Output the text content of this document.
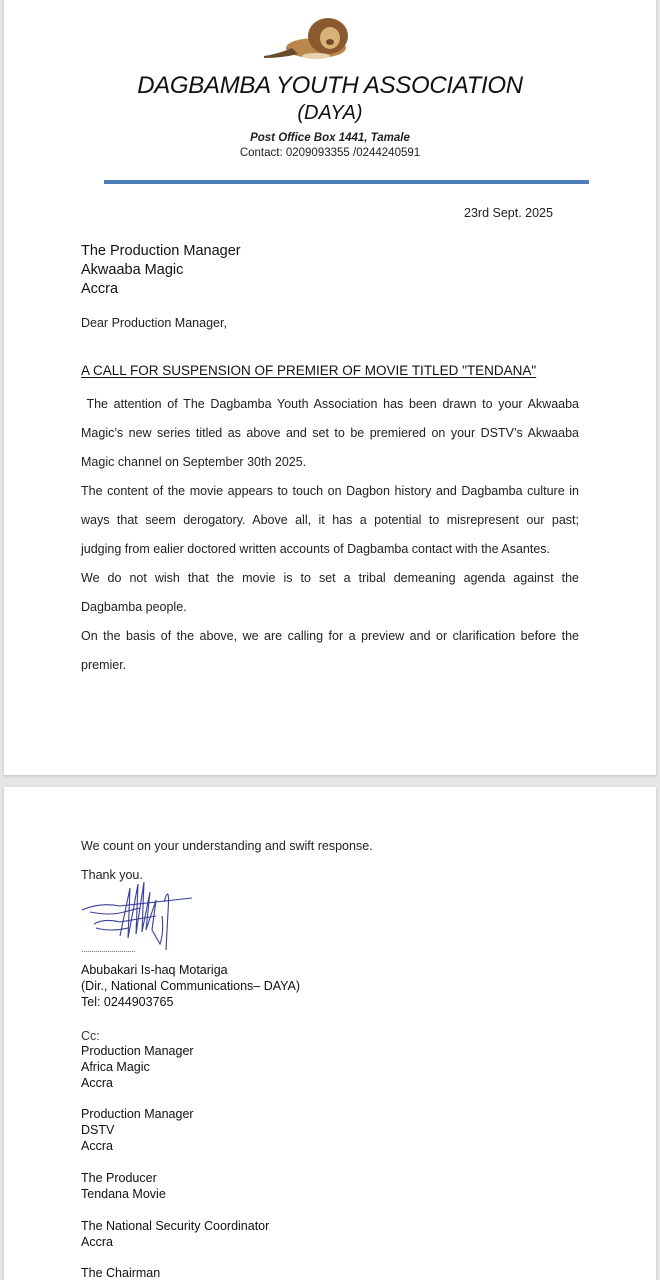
DAGBAMBA YOUTH ASSOCIATION
(DAYA)
Post Office Box 1441, Tamale
Contact: 0209093355 /0244240591
23rd Sept. 2025
The Production Manager
Akwaaba Magic
Accra
Dear Production Manager,
A CALL FOR SUSPENSION OF PREMIER OF MOVIE TITLED "TENDANA"
The attention of The Dagbamba Youth Association has been drawn to your Akwaaba
Magic’s new series titled as above and set to be premiered on your DSTV’s Akwaaba
Magic channel on September 30th 2025.
The content of the movie appears to touch on Dagbon history and Dagbamba culture in
ways that seem derogatory. Above all, it has a potential to misrepresent our past;
judging from ealier doctored written accounts of Dagbamba contact with the Asantes.
We do not wish that the movie is to set a tribal demeaning agenda against the
Dagbamba people.
On the basis of the above, we are calling for a preview and or clarification before the
premier.
We count on your understanding and swift response.
Thank you.
...........................
Abubakari Is-haq Motariga
(Dir., National Communications– DAYA)
Tel: 0244903765
Cc:
Production Manager
Africa Magic
Accra
Production Manager
DSTV
Accra
The Producer
Tendana Movie
The National Security Coordinator
Accra
The Chairman
